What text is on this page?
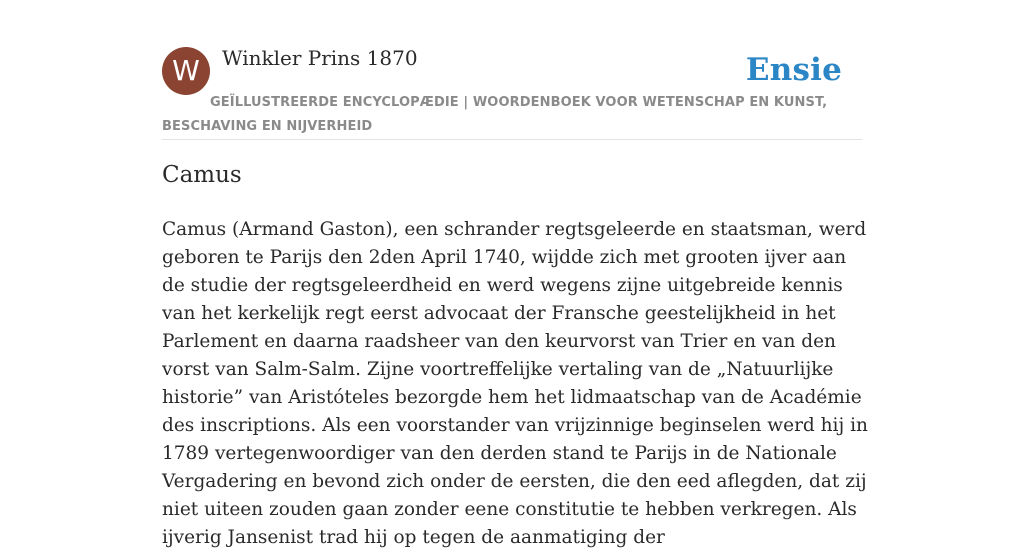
W	Winkler Prins 1870	Ensie
GEÏLLUSTREERDE ENCYCLOPÆDIE | WOORDENBOEK VOOR WETENSCHAP EN KUNST, BESCHAVING EN NIJVERHEID
Camus

Camus (Armand Gaston), een schrander regtsgeleerde en staatsman, werd geboren te Parijs den 2den April 1740, wijdde zich met grooten ijver aan de studie der regtsgeleerdheid en werd wegens zijne uitgebreide kennis van het kerkelijk regt eerst advocaat der Fransche geestelijkheid in het Parlement en daarna raadsheer van den keurvorst van Trier en van den vorst van Salm-Salm. Zijne voortreffelijke vertaling van de „Natuurlijke historie” van Aristóteles bezorgde hem het lidmaatschap van de Académie des inscriptions. Als een voorstander van vrijzinnige beginselen werd hij in 1789 vertegenwoordiger van den derden stand te Parijs in de Nationale Vergadering en bevond zich onder de eersten, die den eed aflegden, dat zij niet uiteen zouden gaan zonder eene constitutie te hebben verkregen. Als ijverig Jansenist trad hij op tegen de aanmatiging der
